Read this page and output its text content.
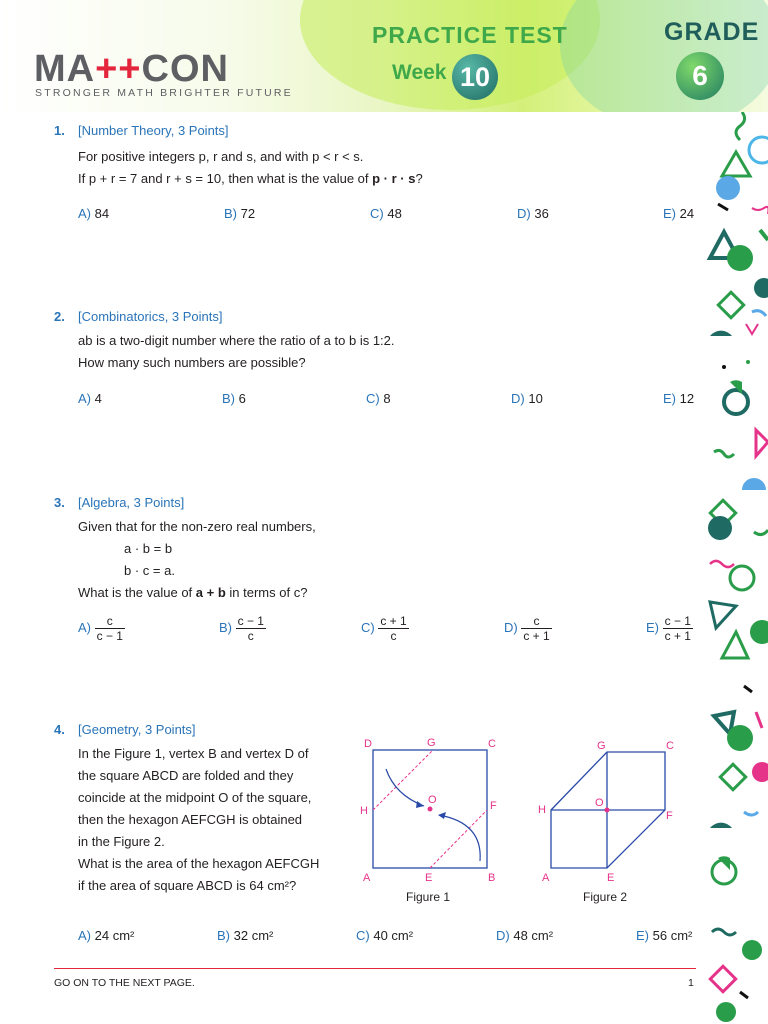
MA++CON
STRONGER MATH BRIGHTER FUTURE
PRACTICE TEST
Week 10
GRADE
6
1. [Number Theory, 3 Points]
For positive integers p, r and s, and with p < r < s.
If p + r = 7 and r + s = 10, then what is the value of p · r · s?
A) 84	B) 72	C) 48	D) 36	E) 24
2. [Combinatorics, 3 Points]
ab is a two-digit number where the ratio of a to b is 1:2.
How many such numbers are possible?
A) 4	B) 6	C) 8	D) 10	E) 12
3. [Algebra, 3 Points]
Given that for the non-zero real numbers,
a · b = b
b · c = a.
What is the value of a + b in terms of c?
$A) \frac{c}{c - 1}$	$B) \frac{c - 1}{c}$	$C) \frac{c + 1}{c}$	$D) \frac{c}{c + 1}$	$E) \frac{c - 1}{c + 1}$
4. [Geometry, 3 Points]
In the Figure 1, vertex B and vertex D of
the square ABCD are folded and they
coincide at the midpoint O of the square,
then the hexagon AEFCGH is obtained
in the Figure 2.
What is the area of the hexagon AEFCGH
if the area of square ABCD is 64 cm²?
D	G	C
H
O	F
A	E	B
Figure 1
G	C
H
O
F
A	E
Figure 2
A) 24 cm²	B) 32 cm²	C) 40 cm²	D) 48 cm²	E) 56 cm²
GO ON TO THE NEXT PAGE.	1
